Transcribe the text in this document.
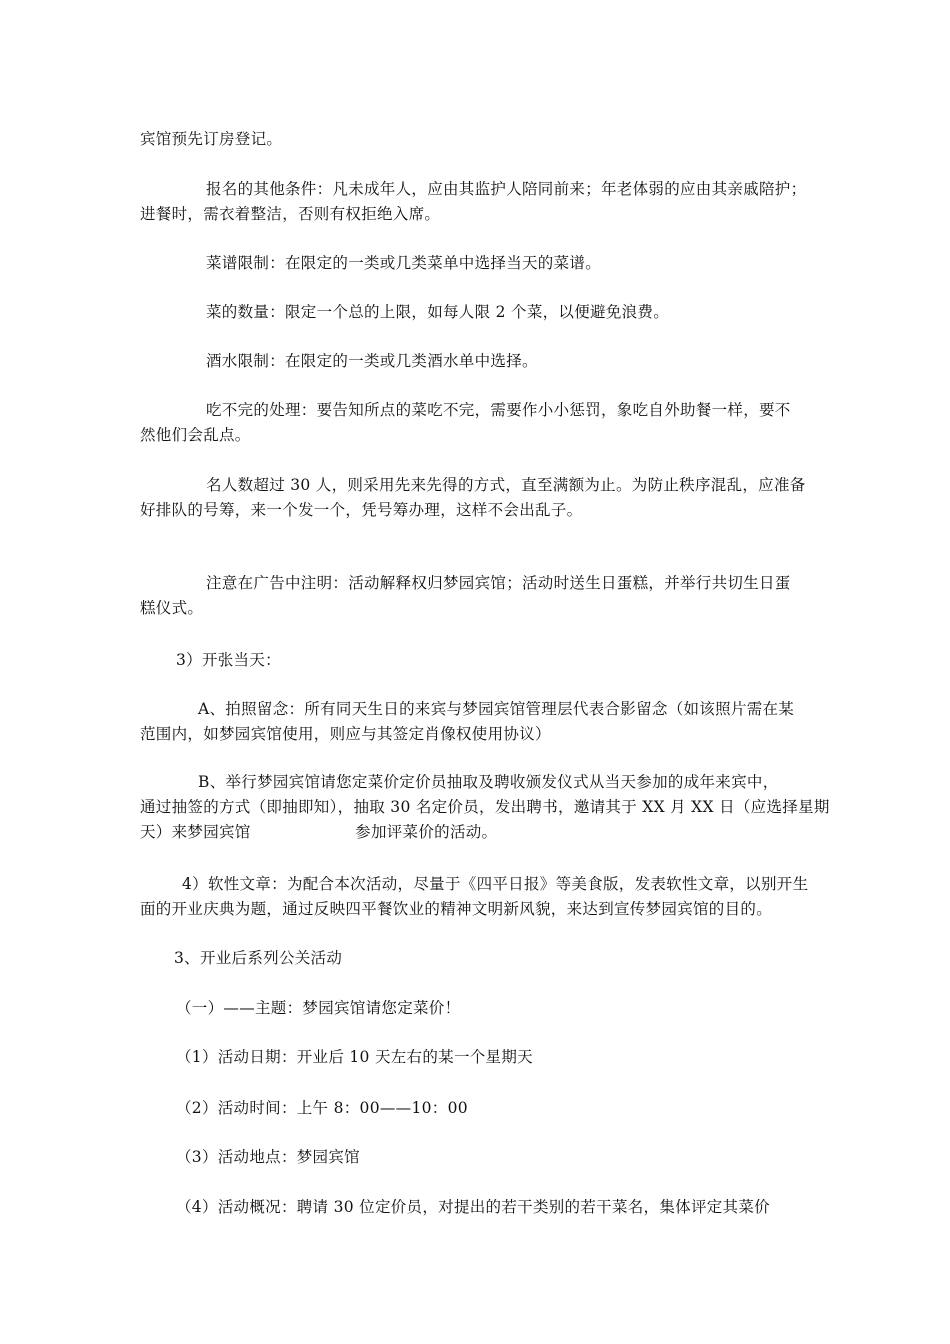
宾馆预先订房登记。

报名的其他条件：凡未成年人，应由其监护人陪同前来；年老体弱的应由其亲戚陪护；
进餐时，需衣着整洁，否则有权拒绝入席。

菜谱限制：在限定的一类或几类菜单中选择当天的菜谱。

菜的数量：限定一个总的上限，如每人限 2 个菜，以便避免浪费。

酒水限制：在限定的一类或几类酒水单中选择。

吃不完的处理：要告知所点的菜吃不完，需要作小小惩罚，象吃自外助餐一样，要不
然他们会乱点。

名人数超过 30 人，则采用先来先得的方式，直至满额为止。为防止秩序混乱，应准备
好排队的号筹，来一个发一个，凭号筹办理，这样不会出乱子。

注意在广告中注明：活动解释权归梦园宾馆；活动时送生日蛋糕，并举行共切生日蛋
糕仪式。

3）开张当天：

A、拍照留念：所有同天生日的来宾与梦园宾馆管理层代表合影留念（如该照片需在某
范围内，如梦园宾馆使用，则应与其签定肖像权使用协议）

B、举行梦园宾馆请您定菜价定价员抽取及聘收颁发仪式从当天参加的成年来宾中，
通过抽签的方式（即抽即知），抽取 30 名定价员，发出聘书，邀请其于 XX 月 XX 日（应选择星期
天）来梦园宾馆                    参加评菜价的活动。

4）软性文章：为配合本次活动，尽量于《四平日报》等美食版，发表软性文章，以别开生
面的开业庆典为题，通过反映四平餐饮业的精神文明新风貌，来达到宣传梦园宾馆的目的。

3、开业后系列公关活动

（一）——主题：梦园宾馆请您定菜价！

（1）活动日期：开业后 10 天左右的某一个星期天

（2）活动时间：上午 8：00——10：00

（3）活动地点：梦园宾馆

（4）活动概况：聘请 30 位定价员，对提出的若干类别的若干菜名，集体评定其菜价
